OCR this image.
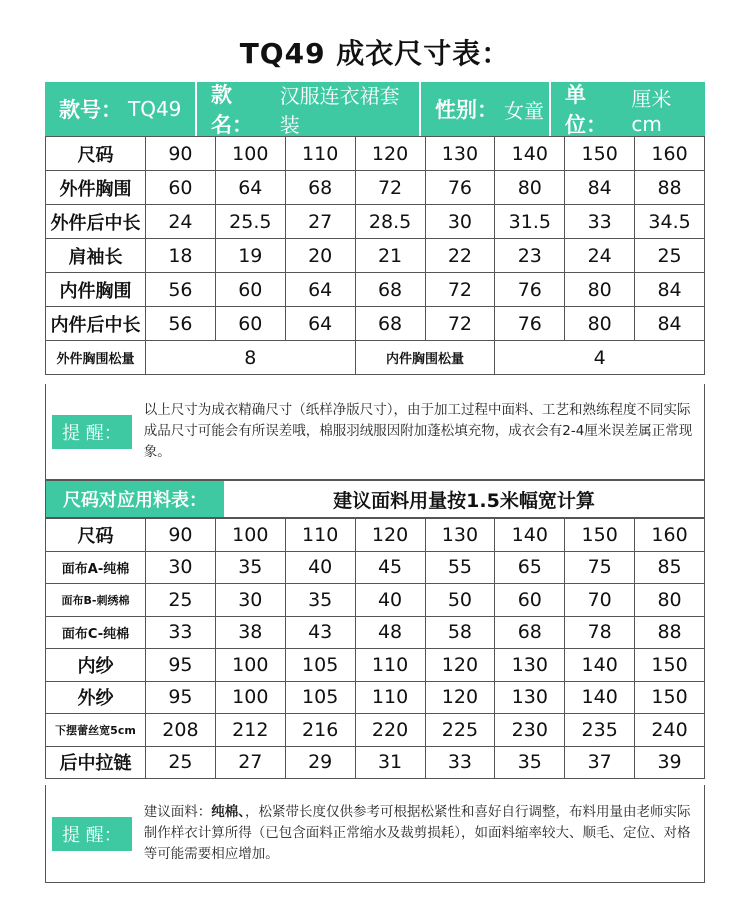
TQ49 成衣尺寸表：
款号： TQ49
款名：
汉服连衣裙套装
性别： 女童
单位：
厘米 cm
尺码	90	100	110	120	130	140	150	160
外件胸围	60	64	68	72	76	80	84	88
外件后中长	24	25.5	27	28.5	30	31.5	33	34.5
肩袖长	18	19	20	21	22	23	24	25
内件胸围	56	60	64	68	72	76	80	84
内件后中长	56	60	64	68	72	76	80	84
外件胸围松量	8			内件胸围松量		4		
提 醒：
以上尺寸为成衣精确尺寸（纸样净版尺寸），由于加工过程中面料、工艺和熟练程度不同实际成品尺寸可能会有所误差哦，棉服羽绒服因附加蓬松填充物，成衣会有2-4厘米误差属正常现象。
尺码对应用料表：	建议面料用量按1.5米幅宽计算
尺码	90	100	110	120	130	140	150	160
面布A-纯棉	30	35	40	45	55	65	75	85
面布B-刺绣棉	25	30	35	40	50	60	70	80
面布C-纯棉	33	38	43	48	58	68	78	88
内纱	95	100	105	110	120	130	140	150
外纱	95	100	105	110	120	130	140	150
下摆蕾丝宽5cm	208	212	216	220	225	230	235	240
后中拉链	25	27	29	31	33	35	37	39
提 醒：
建议面料：纯棉、，松紧带长度仅供参考可根据松紧性和喜好自行调整，布料用量由老师实际制作样衣计算所得（已包含面料正常缩水及裁剪损耗），如面料缩率较大、顺毛、定位、对格等可能需要相应增加。
